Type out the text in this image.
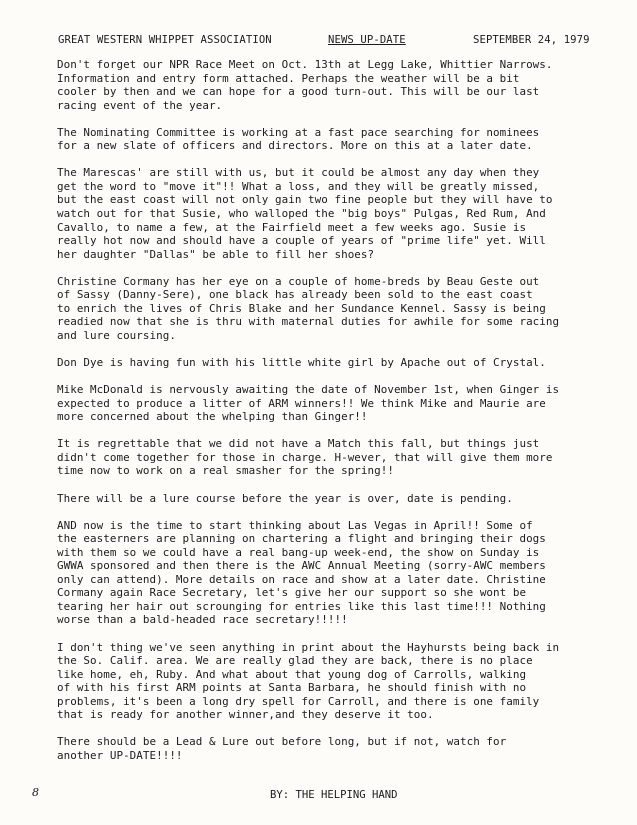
GREAT WESTERN WHIPPET ASSOCIATION	NEWS UP-DATE	SEPTEMBER 24, 1979

Don't forget our NPR Race Meet on Oct. 13th at Legg Lake, Whittier Narrows.
Information and entry form attached. Perhaps the weather will be a bit
cooler by then and we can hope for a good turn-out. This will be our last
racing event of the year.

The Nominating Committee is working at a fast pace searching for nominees
for a new slate of officers and directors. More on this at a later date.

The Marescas' are still with us, but it could be almost any day when they
get the word to "move it"!! What a loss, and they will be greatly missed,
but the east coast will not only gain two fine people but they will have to
watch out for that Susie, who walloped the "big boys" Pulgas, Red Rum, And
Cavallo, to name a few, at the Fairfield meet a few weeks ago. Susie is
really hot now and should have a couple of years of "prime life" yet. Will
her daughter "Dallas" be able to fill her shoes?

Christine Cormany has her eye on a couple of home-breds by Beau Geste out
of Sassy (Danny-Sere), one black has already been sold to the east coast
to enrich the lives of Chris Blake and her Sundance Kennel. Sassy is being
readied now that she is thru with maternal duties for awhile for some racing
and lure coursing.

Don Dye is having fun with his little white girl by Apache out of Crystal.

Mike McDonald is nervously awaiting the date of November 1st, when Ginger is
expected to produce a litter of ARM winners!! We think Mike and Maurie are
more concerned about the whelping than Ginger!!

It is regrettable that we did not have a Match this fall, but things just
didn't come together for those in charge. H-wever, that will give them more
time now to work on a real smasher for the spring!!

There will be a lure course before the year is over, date is pending.

AND now is the time to start thinking about Las Vegas in April!! Some of
the easterners are planning on chartering a flight and bringing their dogs
with them so we could have a real bang-up week-end, the show on Sunday is
GWWA sponsored and then there is the AWC Annual Meeting (sorry-AWC members
only can attend). More details on race and show at a later date. Christine
Cormany again Race Secretary, let's give her our support so she wont be
tearing her hair out scrounging for entries like this last time!!! Nothing
worse than a bald-headed race secretary!!!!!

I don't thing we've seen anything in print about the Hayhursts being back in
the So. Calif. area. We are really glad they are back, there is no place
like home, eh, Ruby. And what about that young dog of Carrolls, walking
of with his first ARM points at Santa Barbara, he should finish with no
problems, it's been a long dry spell for Carroll, and there is one family
that is ready for another winner,and they deserve it too.

There should be a Lead & Lure out before long, but if not, watch for
another UP-DATE!!!!

8	BY: THE HELPING HAND
